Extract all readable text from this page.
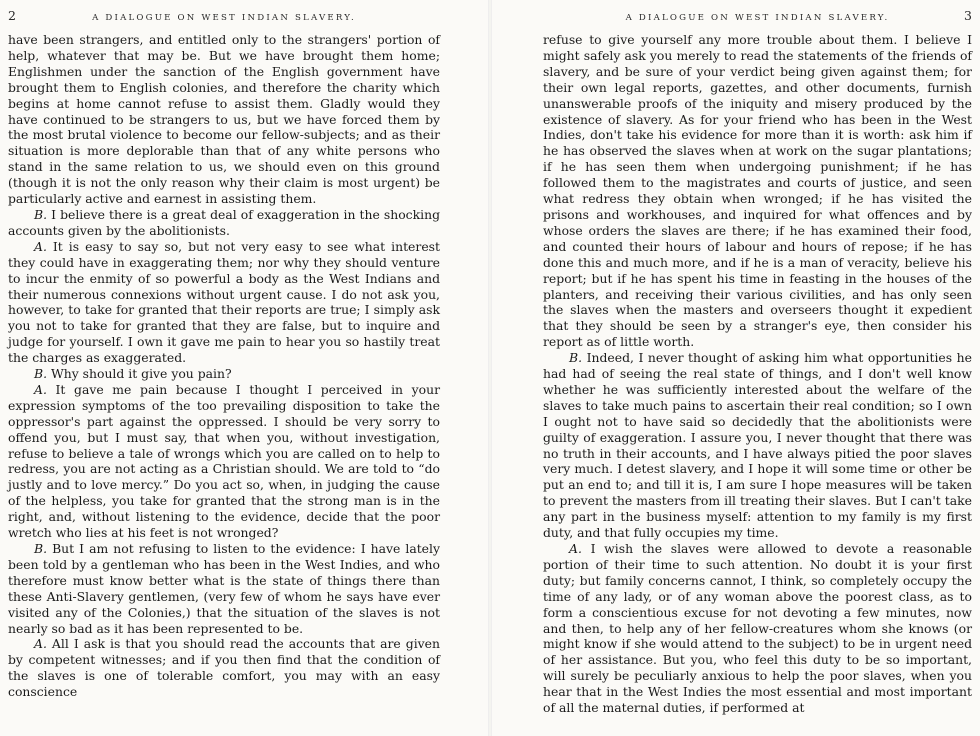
2	A DIALOGUE ON WEST INDIAN SLAVERY.

have been strangers, and entitled only to the strangers' portion of help, whatever that may be. But we have brought them home; Englishmen under the sanction of the English government have brought them to English colonies, and therefore the charity which begins at home cannot refuse to assist them. Gladly would they have continued to be strangers to us, but we have forced them by the most brutal violence to become our fellow-subjects; and as their situation is more deplorable than that of any white persons who stand in the same relation to us, we should even on this ground (though it is not the only reason why their claim is most urgent) be particularly active and earnest in assisting them.

B. I believe there is a great deal of exaggeration in the shocking accounts given by the abolitionists.

A. It is easy to say so, but not very easy to see what interest they could have in exaggerating them; nor why they should venture to incur the enmity of so powerful a body as the West Indians and their numerous connexions without urgent cause. I do not ask you, however, to take for granted that their reports are true; I simply ask you not to take for granted that they are false, but to inquire and judge for yourself. I own it gave me pain to hear you so hastily treat the charges as exaggerated.

B. Why should it give you pain?

A. It gave me pain because I thought I perceived in your expression symptoms of the too prevailing disposition to take the oppressor's part against the oppressed. I should be very sorry to offend you, but I must say, that when you, without investigation, refuse to believe a tale of wrongs which you are called on to help to redress, you are not acting as a Christian should. We are told to “do justly and to love mercy.” Do you act so, when, in judging the cause of the helpless, you take for granted that the strong man is in the right, and, without listening to the evidence, decide that the poor wretch who lies at his feet is not wronged?

B. But I am not refusing to listen to the evidence: I have lately been told by a gentleman who has been in the West Indies, and who therefore must know better what is the state of things there than these Anti-Slavery gentlemen, (very few of whom he says have ever visited any of the Colonies,) that the situation of the slaves is not nearly so bad as it has been represented to be.

A. All I ask is that you should read the accounts that are given by competent witnesses; and if you then find that the condition of the slaves is one of tolerable comfort, you may with an easy conscience

A DIALOGUE ON WEST INDIAN SLAVERY.	3

refuse to give yourself any more trouble about them. I believe I might safely ask you merely to read the statements of the friends of slavery, and be sure of your verdict being given against them; for their own legal reports, gazettes, and other documents, furnish unanswerable proofs of the iniquity and misery produced by the existence of slavery. As for your friend who has been in the West Indies, don't take his evidence for more than it is worth: ask him if he has observed the slaves when at work on the sugar plantations; if he has seen them when undergoing punishment; if he has followed them to the magistrates and courts of justice, and seen what redress they obtain when wronged; if he has visited the prisons and workhouses, and inquired for what offences and by whose orders the slaves are there; if he has examined their food, and counted their hours of labour and hours of repose; if he has done this and much more, and if he is a man of veracity, believe his report; but if he has spent his time in feasting in the houses of the planters, and receiving their various civilities, and has only seen the slaves when the masters and overseers thought it expedient that they should be seen by a stranger's eye, then consider his report as of little worth.

B. Indeed, I never thought of asking him what opportunities he had had of seeing the real state of things, and I don't well know whether he was sufficiently interested about the welfare of the slaves to take much pains to ascertain their real condition; so I own I ought not to have said so decidedly that the abolitionists were guilty of exaggeration. I assure you, I never thought that there was no truth in their accounts, and I have always pitied the poor slaves very much. I detest slavery, and I hope it will some time or other be put an end to; and till it is, I am sure I hope measures will be taken to prevent the masters from ill treating their slaves. But I can't take any part in the business myself: attention to my family is my first duty, and that fully occupies my time.

A. I wish the slaves were allowed to devote a reasonable portion of their time to such attention. No doubt it is your first duty; but family concerns cannot, I think, so completely occupy the time of any lady, or of any woman above the poorest class, as to form a conscientious excuse for not devoting a few minutes, now and then, to help any of her fellow-creatures whom she knows (or might know if she would attend to the subject) to be in urgent need of her assistance. But you, who feel this duty to be so important, will surely be peculiarly anxious to help the poor slaves, when you hear that in the West Indies the most essential and most important of all the maternal duties, if performed at
